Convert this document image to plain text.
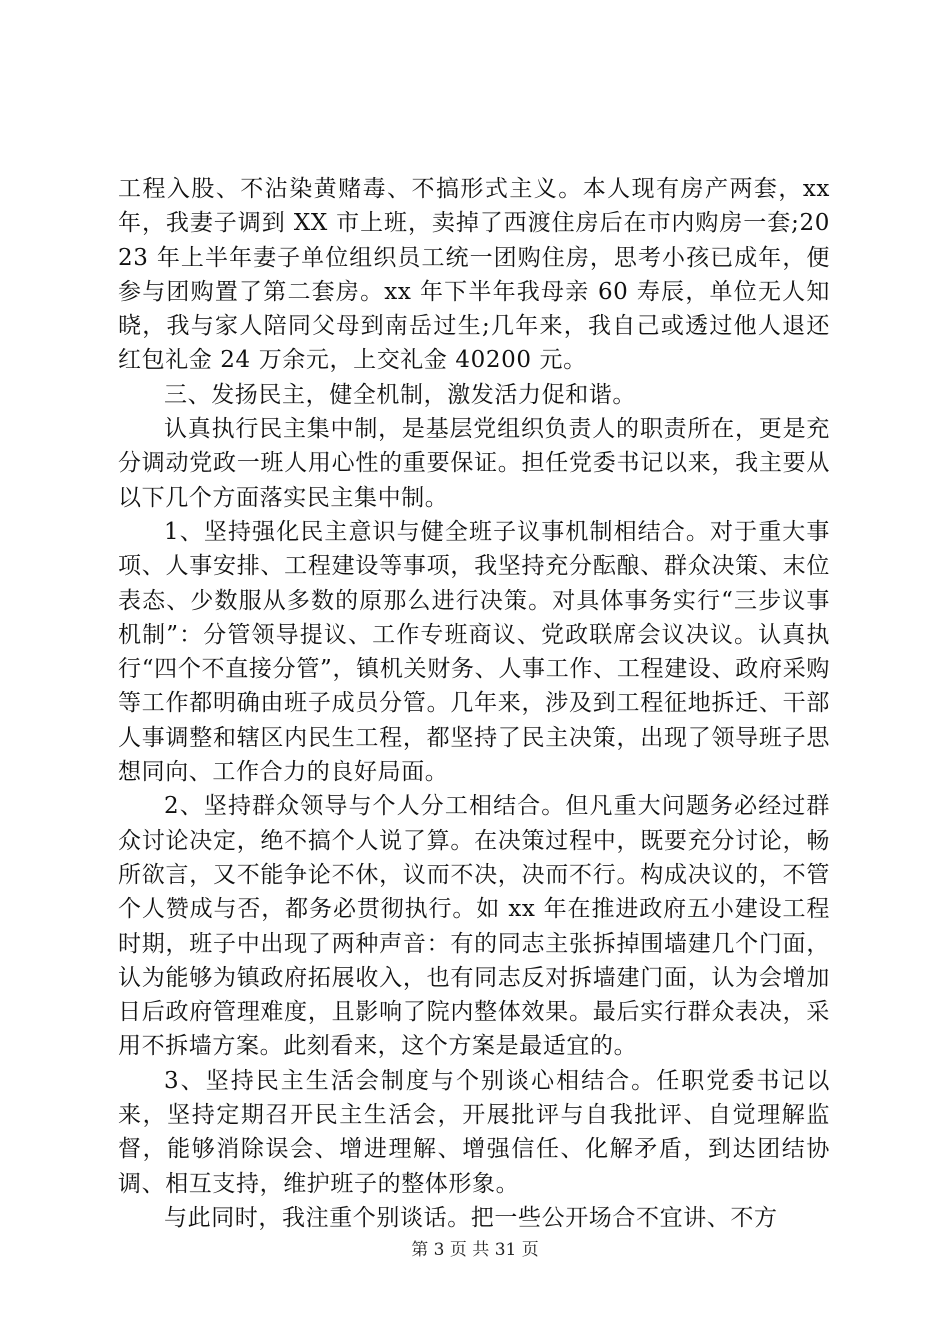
工程入股、不沾染黄赌毒、不搞形式主义。本人现有房产两套，xx 年，我妻子调到 XX 市上班，卖掉了西渡住房后在市内购房一套;2023 年上半年妻子单位组织员工统一团购住房，思考小孩已成年，便参与团购置了第二套房。xx 年下半年我母亲 60 寿辰，单位无人知晓，我与家人陪同父母到南岳过生;几年来，我自己或透过他人退还红包礼金 24 万余元，上交礼金 40200 元。

三、发扬民主，健全机制，激发活力促和谐。

认真执行民主集中制，是基层党组织负责人的职责所在，更是充分调动党政一班人用心性的重要保证。担任党委书记以来，我主要从以下几个方面落实民主集中制。

1、坚持强化民主意识与健全班子议事机制相结合。对于重大事项、人事安排、工程建设等事项，我坚持充分酝酿、群众决策、末位表态、少数服从多数的原那么进行决策。对具体事务实行“三步议事机制”：分管领导提议、工作专班商议、党政联席会议决议。认真执行“四个不直接分管”，镇机关财务、人事工作、工程建设、政府采购等工作都明确由班子成员分管。几年来，涉及到工程征地拆迁、干部人事调整和辖区内民生工程，都坚持了民主决策，出现了领导班子思想同向、工作合力的良好局面。

2、坚持群众领导与个人分工相结合。但凡重大问题务必经过群众讨论决定，绝不搞个人说了算。在决策过程中，既要充分讨论，畅所欲言，又不能争论不休，议而不决，决而不行。构成决议的，不管个人赞成与否，都务必贯彻执行。如 xx 年在推进政府五小建设工程时期，班子中出现了两种声音：有的同志主张拆掉围墙建几个门面，认为能够为镇政府拓展收入，也有同志反对拆墙建门面，认为会增加日后政府管理难度，且影响了院内整体效果。最后实行群众表决，采用不拆墙方案。此刻看来，这个方案是最适宜的。

3、坚持民主生活会制度与个别谈心相结合。任职党委书记以来，坚持定期召开民主生活会，开展批评与自我批评、自觉理解监督，能够消除误会、增进理解、增强信任、化解矛盾，到达团结协调、相互支持，维护班子的整体形象。

与此同时，我注重个别谈话。把一些公开场合不宜讲、不方

第 3 页 共 31 页
